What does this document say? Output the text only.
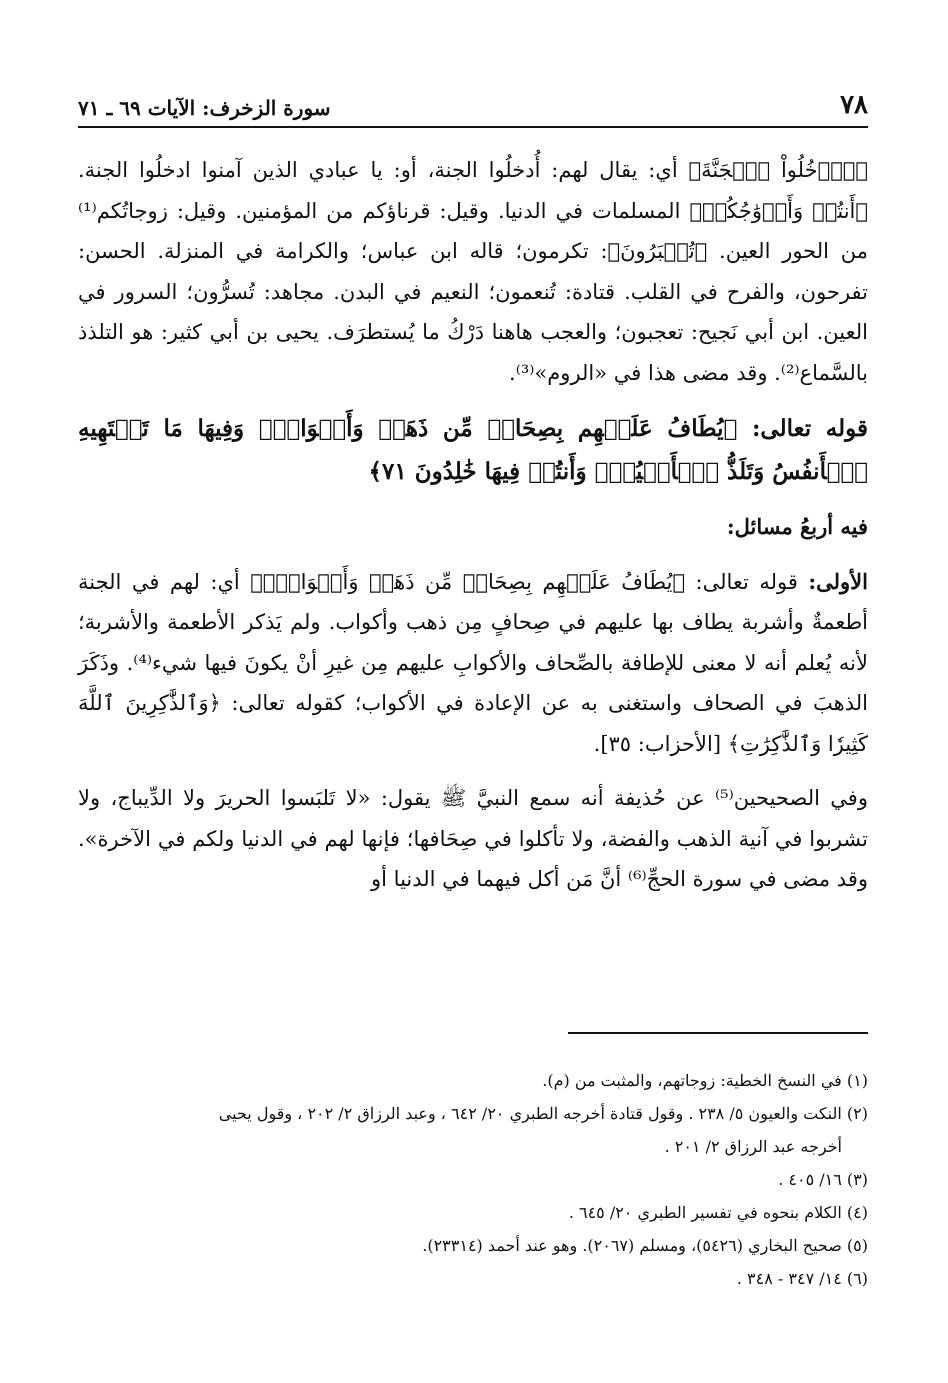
٧٨
سورة الزخرف: الآيات ٦٩ ـ ٧١

﴿ٱدۡخُلُواْ ٱلۡجَنَّةَ﴾ أي: يقال لهم: أُدخلُوا الجنة، أو: يا عبادي الذين آمنوا ادخلُوا الجنة. ﴿أَنتُمۡ وَأَزۡوَٰجُكُمۡ﴾ المسلمات في الدنيا. وقيل: قرناؤكم من المؤمنين. وقيل: زوجاتُكم⁽¹⁾ من الحور العين. ﴿تُحۡبَرُونَ﴾: تكرمون؛ قاله ابن عباس؛ والكرامة في المنزلة. الحسن: تفرحون، والفرح في القلب. قتادة: تُنعمون؛ النعيم في البدن. مجاهد: تُسرُّون؛ السرور في العين. ابن أبي نَجيح: تعجبون؛ والعجب هاهنا دَرْكُ ما يُستطرَف. يحيى بن أبي كثير: هو التلذذ بالسَّماع⁽²⁾. وقد مضى هذا في «الروم»⁽³⁾.

قوله تعالى: ﴿يُطَافُ عَلَيۡهِم بِصِحَافٖ مِّن ذَهَبٖ وَأَكۡوَابٖۖ وَفِيهَا مَا تَشۡتَهِيهِ ٱلۡأَنفُسُ وَتَلَذُّ ٱلۡأَعۡيُنُۖ وَأَنتُمۡ فِيهَا خَٰلِدُونَ ٧١﴾

فيه أربعُ مسائل:

الأولى: قوله تعالى: ﴿يُطَافُ عَلَيۡهِم بِصِحَافٖ مِّن ذَهَبٖ وَأَكۡوَابٖۖ﴾ أي: لهم في الجنة أطعمةٌ وأشربة يطاف بها عليهم في صِحافٍ مِن ذهب وأكواب. ولم يَذكر الأطعمة والأشربة؛ لأنه يُعلم أنه لا معنى للإطافة بالصِّحاف والأكوابِ عليهم مِن غيرِ أنْ يكونَ فيها شيء⁽⁴⁾. وذَكَرَ الذهبَ في الصحاف واستغنى به عن الإعادة في الأكواب؛ كقوله تعالى: ﴿وَٱلذَّٰكِرِينَ ٱللَّهَ كَثِيرٗا وَٱلذَّٰكِرَٰتِ﴾ [الأحزاب: ٣٥].

وفي الصحيحين⁽⁵⁾ عن حُذيفة أنه سمع النبيَّ ﷺ يقول: «لا تَلبَسوا الحريرَ ولا الدِّيباج، ولا تشربوا في آنية الذهب والفضة، ولا تأكلوا في صِحَافها؛ فإنها لهم في الدنيا ولكم في الآخرة». وقد مضى في سورة الحجِّ⁽⁶⁾ أنَّ مَن أكل فيهما في الدنيا أو

(١) في النسخ الخطية: زوجاتهم، والمثبت من (م).
(٢) النكت والعيون ٥/ ٢٣٨ . وقول قتادة أخرجه الطبري ٢٠/ ٦٤٢ ، وعبد الرزاق ٢/ ٢٠٢ ، وقول يحيى
أخرجه عبد الرزاق ٢/ ٢٠١ .
(٣) ١٦/ ٤٠٥ .
(٤) الكلام بنحوه في تفسير الطبري ٢٠/ ٦٤٥ .
(٥) صحيح البخاري (٥٤٢٦)، ومسلم (٢٠٦٧). وهو عند أحمد (٢٣٣١٤).
(٦) ١٤/ ٣٤٧ - ٣٤٨ .
